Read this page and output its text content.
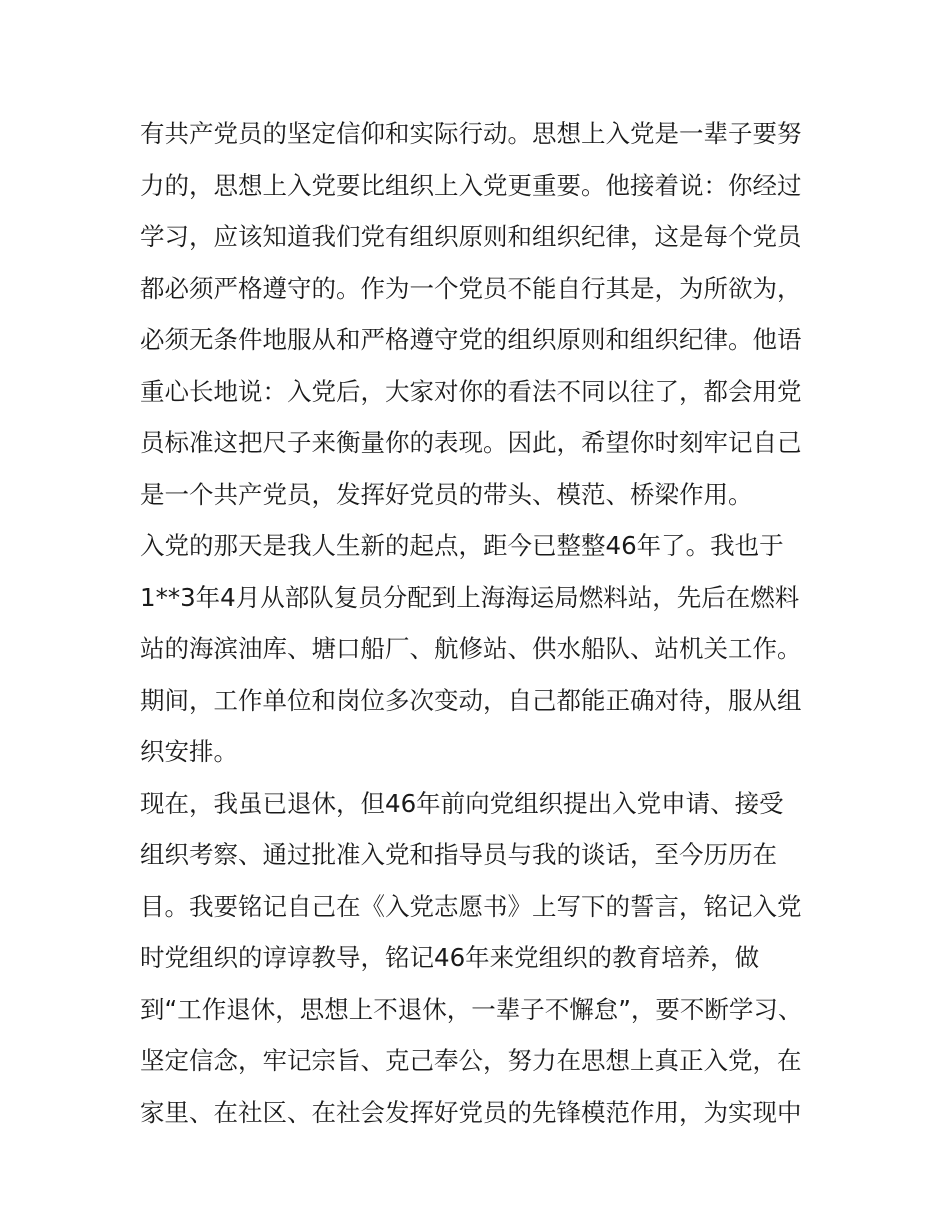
有共产党员的坚定信仰和实际行动。思想上入党是一辈子要努
力的，思想上入党要比组织上入党更重要。他接着说：你经过
学习，应该知道我们党有组织原则和组织纪律，这是每个党员
都必须严格遵守的。作为一个党员不能自行其是，为所欲为，
必须无条件地服从和严格遵守党的组织原则和组织纪律。他语
重心长地说：入党后，大家对你的看法不同以往了，都会用党
员标准这把尺子来衡量你的表现。因此，希望你时刻牢记自己
是一个共产党员，发挥好党员的带头、模范、桥梁作用。
入党的那天是我人生新的起点，距今已整整46年了。我也于
1**3年4月从部队复员分配到上海海运局燃料站，先后在燃料
站的海滨油库、塘口船厂、航修站、供水船队、站机关工作。
期间，工作单位和岗位多次变动，自己都能正确对待，服从组
织安排。
现在，我虽已退休，但46年前向党组织提出入党申请、接受
组织考察、通过批准入党和指导员与我的谈话，至今历历在
目。我要铭记自己在《入党志愿书》上写下的誓言，铭记入党
时党组织的谆谆教导，铭记46年来党组织的教育培养，做
到“工作退休，思想上不退休，一辈子不懈怠”，要不断学习、
坚定信念，牢记宗旨、克己奉公，努力在思想上真正入党，在
家里、在社区、在社会发挥好党员的先锋模范作用，为实现中
